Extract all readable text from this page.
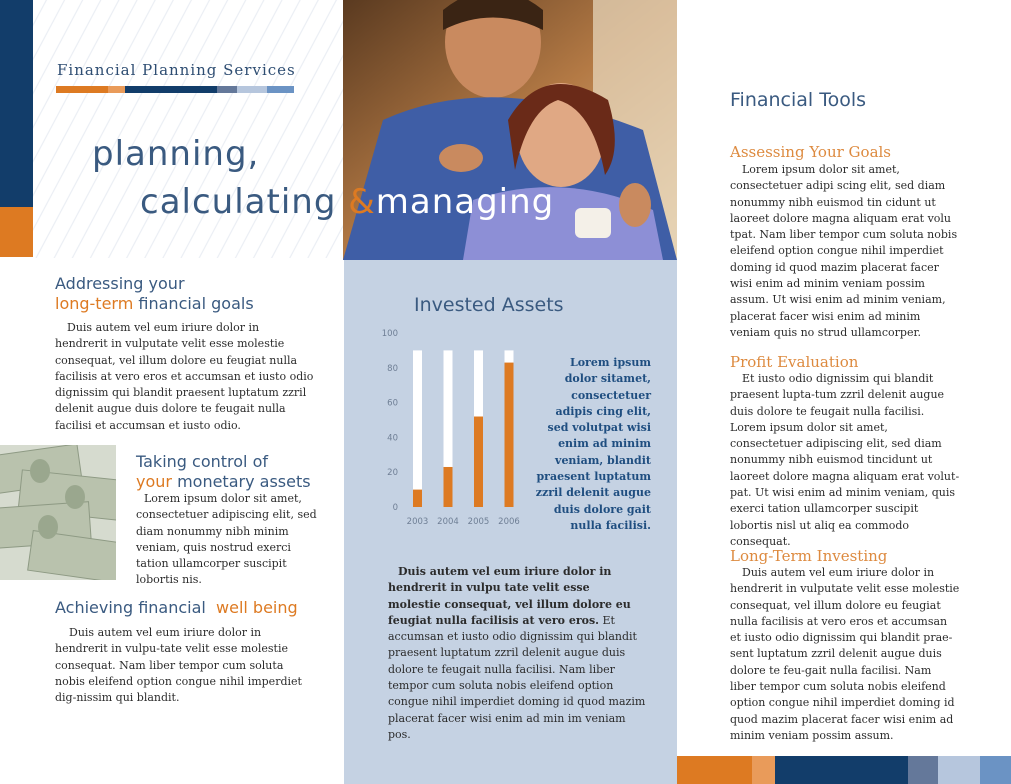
Financial Planning Services
planning,
calculating &managing
Addressing your
long-term financial goals
Duis autem vel eum iriure dolor in hendrerit in vulputate velit esse molestie consequat, vel illum dolore eu feugiat nulla facilisis at vero eros et accumsan et iusto odio dignissim qui blandit praesent luptatum zzril delenit augue duis dolore te feugait nulla facilisi et accumsan et iusto odio.
Taking control of
your monetary assets
Lorem ipsum dolor sit amet, consectetuer adipiscing elit, sed diam nonummy nibh minim veniam, quis nostrud exerci tation ullamcorper suscipit lobortis nis.
Achieving financial well being
Duis autem vel eum iriure dolor in hendrerit in vulpu-tate velit esse molestie consequat. Nam liber tempor cum soluta nobis eleifend option congue nihil imperdiet dig-nissim qui blandit.
Invested Assets
0
20
40
60
80
100
2003 2004 2005 2006
Lorem ipsum dolor sitamet, consectetuer adipis cing elit, sed volutpat wisi enim ad minim veniam, blandit praesent luptatum zzril delenit augue duis dolore gait nulla facilisi.
Duis autem vel eum iriure dolor in hendrerit in vulpu tate velit esse molestie consequat, vel illum dolore eu feugiat nulla facilisis at vero eros. Et accumsan et iusto odio dignissim qui blandit praesent luptatum zzril delenit augue duis dolore te feugait nulla facilisi. Nam liber tempor cum soluta nobis eleifend option congue nihil imperdiet doming id quod mazim placerat facer wisi enim ad min im veniam pos.
Financial Tools
Assessing Your Goals
Lorem ipsum dolor sit amet, consectetuer adipi scing elit, sed diam nonummy nibh euismod tin cidunt ut laoreet dolore magna aliquam erat volu tpat. Nam liber tempor cum soluta nobis eleifend option congue nihil imperdiet doming id quod mazim placerat facer wisi enim ad minim veniam possim assum. Ut wisi enim ad minim veniam, placerat facer wisi enim ad minim veniam quis no strud ullamcorper.
Profit Evaluation
Et iusto odio dignissim qui blandit praesent lupta-tum zzril delenit augue duis dolore te feugait nulla facilisi. Lorem ipsum dolor sit amet, consectetuer adipiscing elit, sed diam nonummy nibh euismod tincidunt ut laoreet dolore magna aliquam erat volut-pat. Ut wisi enim ad minim veniam, quis exerci tation ullamcorper suscipit lobortis nisl ut aliq ea commodo consequat.
Long-Term Investing
Duis autem vel eum iriure dolor in hendrerit in vulputate velit esse molestie consequat, vel illum dolore eu feugiat nulla facilisis at vero eros et accumsan et iusto odio dignissim qui blandit prae-sent luptatum zzril delenit augue duis dolore te feu-gait nulla facilisi. Nam liber tempor cum soluta nobis eleifend option congue nihil imperdiet doming id quod mazim placerat facer wisi enim ad minim veniam possim assum.
